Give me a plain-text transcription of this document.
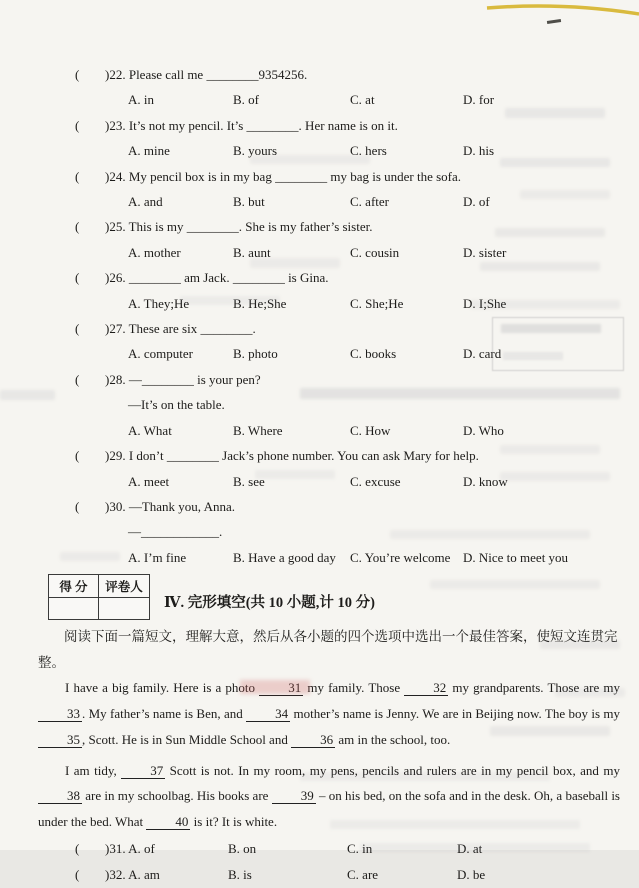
( )22. Please call me ________9354256.
A. in	B. of	C. at	D. for
( )23. It’s not my pencil. It’s ________. Her name is on it.
A. mine	B. yours	C. hers	D. his
( )24. My pencil box is in my bag ________ my bag is under the sofa.
A. and	B. but	C. after	D. of
( )25. This is my ________. She is my father’s sister.
A. mother	B. aunt	C. cousin	D. sister
( )26. ________ am Jack. ________ is Gina.
A. They;He	B. He;She	C. She;He	D. I;She
( )27. These are six ________.
A. computer	B. photo	C. books	D. card
( )28. —________ is your pen?
—It’s on the table.
A. What	B. Where	C. How	D. Who
( )29. I don’t ________ Jack’s phone number. You can ask Mary for help.
A. meet	B. see	C. excuse	D. know
( )30. —Thank you, Anna.
—____________.
A. I’m fine	B. Have a good day	C. You’re welcome D. Nice to meet you
得 分	评卷人
Ⅳ. 完形填空(共 10 小题,计 10 分)
阅读下面一篇短文，理解大意，然后从各小题的四个选项中选出一个最佳答案，使短文连贯完整。
I have a big family. Here is a photo 31 my family. Those 32 my grandparents. Those are my 33 . My father’s name is Ben, and 34 mother’s name is Jenny. We are in Beijing now. The boy is my 35 , Scott. He is in Sun Middle School and 36 am in the school, too.
I am tidy, 37 Scott is not. In my room, my pens, pencils and rulers are in my pencil box, and my 38 are in my schoolbag. His books are 39 – on his bed, on the sofa and in the desk. Oh, a baseball is under the bed. What 40 is it? It is white.
( )31. A. of	B. on	C. in	D. at
( )32. A. am	B. is	C. are	D. be
